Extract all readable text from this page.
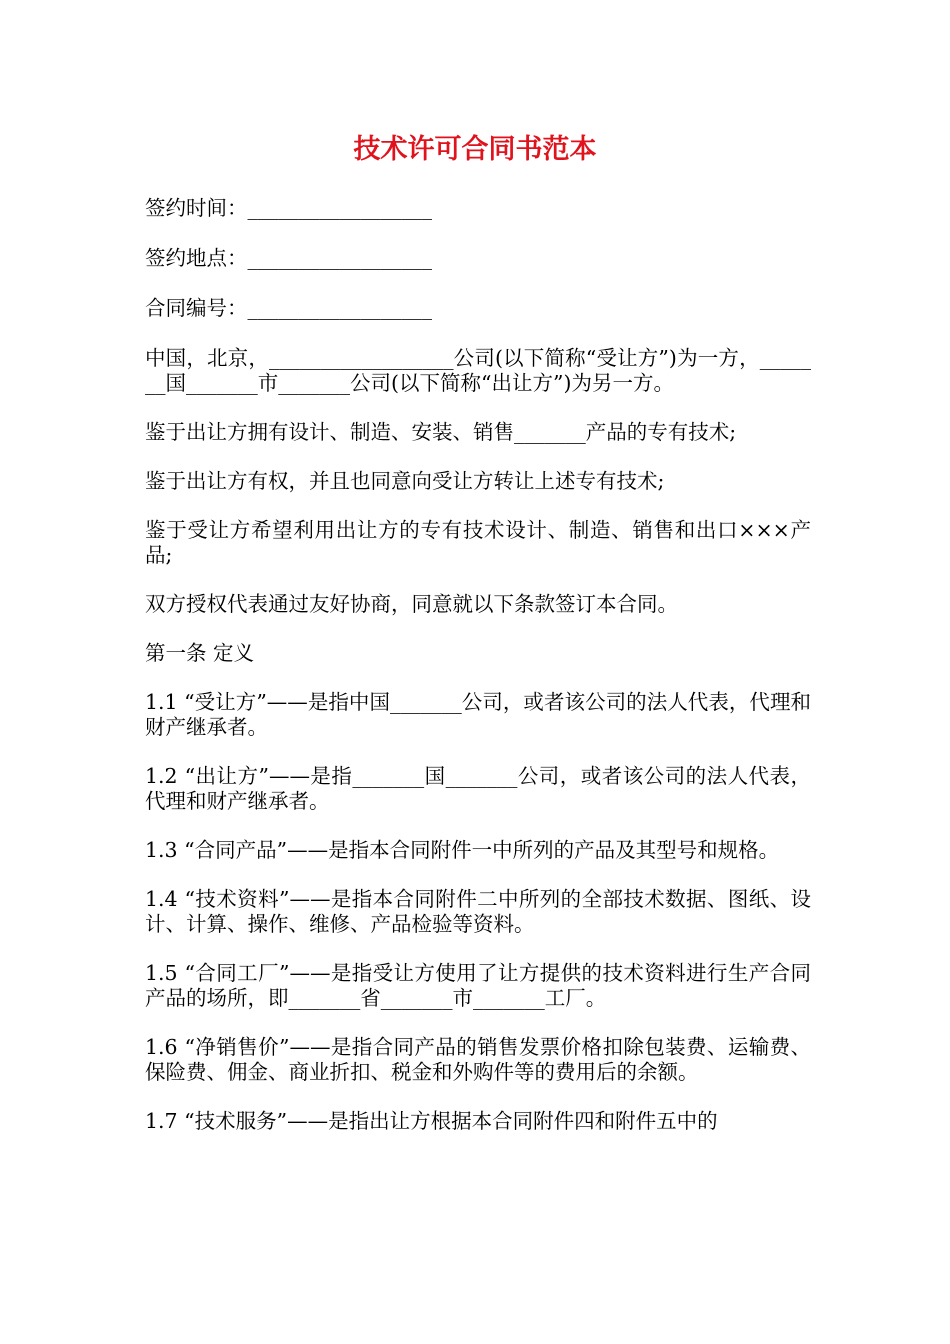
技术许可合同书范本

签约时间：__________________

签约地点：__________________

合同编号：__________________

中国，北京，__________________公司(以下简称“受让方”)为一方，_______国_______市_______公司(以下简称“出让方”)为另一方。

鉴于出让方拥有设计、制造、安装、销售_______产品的专有技术;

鉴于出让方有权，并且也同意向受让方转让上述专有技术;

鉴于受让方希望利用出让方的专有技术设计、制造、销售和出口×××产品;

双方授权代表通过友好协商，同意就以下条款签订本合同。

第一条 定义

1.1 “受让方”——是指中国_______公司，或者该公司的法人代表，代理和财产继承者。

1.2 “出让方”——是指_______国_______公司，或者该公司的法人代表，代理和财产继承者。

1.3 “合同产品”——是指本合同附件一中所列的产品及其型号和规格。

1.4 “技术资料”——是指本合同附件二中所列的全部技术数据、图纸、设计、计算、操作、维修、产品检验等资料。

1.5 “合同工厂”——是指受让方使用了让方提供的技术资料进行生产合同产品的场所，即_______省_______市_______工厂。

1.6 “净销售价”——是指合同产品的销售发票价格扣除包装费、运输费、保险费、佣金、商业折扣、税金和外购件等的费用后的余额。

1.7 “技术服务”——是指出让方根据本合同附件四和附件五中的
